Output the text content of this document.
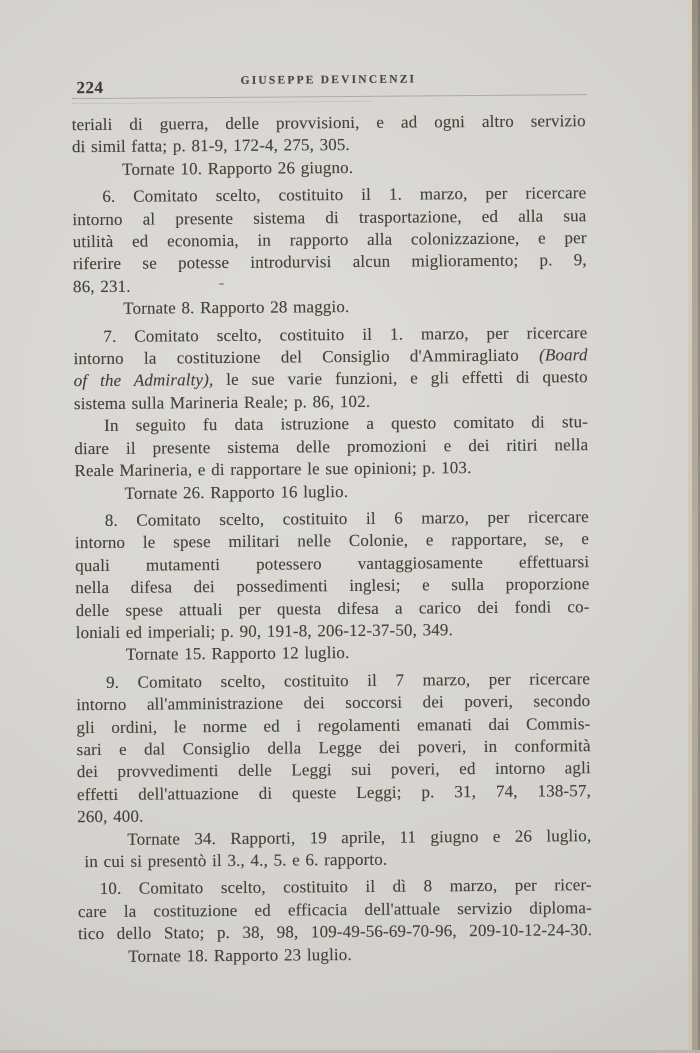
224	GIUSEPPE DEVINCENZI
teriali di guerra, delle provvisioni, e ad ogni altro servizio
di simil fatta; p. 81-9, 172-4, 275, 305.
Tornate 10. Rapporto 26 giugno.
6. Comitato scelto, costituito il 1. marzo, per ricercare
intorno al presente sistema di trasportazione, ed alla sua
utilità ed economia, in rapporto alla colonizzazione, e per
riferire se potesse introdurvisi alcun miglioramento; p. 9,
86, 231.
Tornate 8. Rapporto 28 maggio.
7. Comitato scelto, costituito il 1. marzo, per ricercare
intorno la costituzione del Consiglio d'Ammiragliato (Board
of the Admiralty), le sue varie funzioni, e gli effetti di questo
sistema sulla Marineria Reale; p. 86, 102.
In seguito fu data istruzione a questo comitato di stu-
diare il presente sistema delle promozioni e dei ritiri nella
Reale Marineria, e di rapportare le sue opinioni; p. 103.
Tornate 26. Rapporto 16 luglio.
8. Comitato scelto, costituito il 6 marzo, per ricercare
intorno le spese militari nelle Colonie, e rapportare, se, e
quali mutamenti potessero vantaggiosamente effettuarsi
nella difesa dei possedimenti inglesi; e sulla proporzione
delle spese attuali per questa difesa a carico dei fondi co-
loniali ed imperiali; p. 90, 191-8, 206-12-37-50, 349.
Tornate 15. Rapporto 12 luglio.
9. Comitato scelto, costituito il 7 marzo, per ricercare
intorno all'amministrazione dei soccorsi dei poveri, secondo
gli ordini, le norme ed i regolamenti emanati dai Commis-
sari e dal Consiglio della Legge dei poveri, in conformità
dei provvedimenti delle Leggi sui poveri, ed intorno agli
effetti dell'attuazione di queste Leggi; p. 31, 74, 138-57,
260, 400.
Tornate 34. Rapporti, 19 aprile, 11 giugno e 26 luglio,
in cui si presentò il 3., 4., 5. e 6. rapporto.
10. Comitato scelto, costituito il dì 8 marzo, per ricer-
care la costituzione ed efficacia dell'attuale servizio diploma-
tico dello Stato; p. 38, 98, 109-49-56-69-70-96, 209-10-12-24-30.
Tornate 18. Rapporto 23 luglio.
